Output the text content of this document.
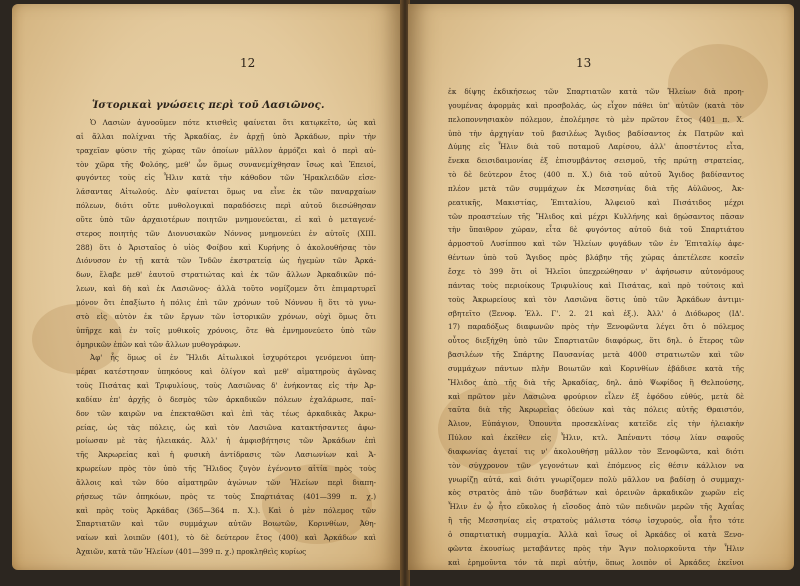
12
Ἱστορικαὶ γνώσεις περὶ τοῦ Λασιῶνος.
Ὁ Λασιὼν ἀγνοοῦμεν πότε κτισθεὶς φαίνεται ὅτι κατῳκεῖτο, ὡς καὶ
αἱ ἄλλαι πολίχναι τῆς Ἀρκαδίας, ἐν ἀρχῇ ὑπὸ Ἀρκάδων, πρὶν τὴν
τραχεῖαν φύσιν τῆς χώρας τῶν ὁποίων μᾶλλον ἁρμόζει καὶ ὁ περὶ αὐ-
τὸν χῶρα τῆς Φολόης, μεθ' ὧν ὅμως συνανεμίχθησαν ἴσως καὶ Ἐπειοί,
φυγόντες τοὺς εἰς Ἦλιν κατὰ τὴν κάθοδον τῶν Ἡρακλειδῶν εἰσε-
λάσαντας Αἰτωλούς. Δὲν φαίνεται ὅμως να εἶνε ἐκ τῶν παναρχαίων
πόλεων, διότι οὔτε μυθολογικαὶ παραδόσεις περὶ αὐτοῦ διεσώθησαν
οὔτε ὑπὸ τῶν ἀρχαιοτέρων ποιητῶν μνημονεύεται, εἰ καὶ ὁ μεταγενέ-
στερος ποιητὴς τῶν Διονυσιακῶν Νόννος μνημονεύει ἐν αὐτοῖς (ΧΙΙΙ.
288) ὅτι ὁ Ἀρισταῖος ὁ υἱὸς Φοίβου καὶ Κυρήνης ὁ ἀκολουθήσας τὸν
Διόνυσον ἐν τῇ κατὰ τῶν Ἰνδῶν ἐκστρατείᾳ ὡς ἡγεμὼν τῶν Ἀρκά-
δων, ἔλαβε μεθ' ἑαυτοῦ στρατιώτας καὶ ἐκ τῶν ἄλλων Ἀρκαδικῶν πό-
λεων, καὶ δὴ καὶ ἐκ Λασιῶνος· ἀλλὰ τοῦτο νομίζομεν ὅτι ἐπιμαρτυρεῖ
μόνον ὅτι ἐπαξίωτο ἡ πόλις ἐπὶ τῶν χρόνων τοῦ Νόννου ἢ ὅτι τὸ γνω-
στὸ εἰς αὐτὸν ἐκ τῶν ἔργων τῶν ἱστορικῶν χρόνων, οὐχὶ ὅμως ὅτι
ὑπῆρχε καὶ ἐν τοῖς μυθικοῖς χρόνοις, ὅτε θὰ ἐμνημονεύετο ὑπὸ τῶν
ὁμηρικῶν ἐπῶν καὶ τῶν ἄλλων μυθογράφων.
Ἀφ' ἧς ὅμως οἱ ἐν Ἤλιδι Αἰτωλικοὶ ἰσχυρότεροι γενόμενοι ὑπη-
μέραι κατέστησαν ὑπηκόους καὶ ὀλίγον καὶ μεθ' αἱματηροὺς ἀγῶνας
τοὺς Πισάτας καὶ Τριφυλίους, τοὺς Λασιῶνας δ' ἐνήκοντας εἰς τὴν Ἀρ-
καδίαν ἐπ' ἀρχῆς ὁ δεσμὸς τῶν ἀρκαδικῶν πόλεων ἐχαλάρωσε, παῖ-
δον τῶν καιρῶν να ἐπεκταθῶσι καὶ ἐπὶ τὰς τέως ἀρκαδικὰς Ἀκρω-
ρείας, ὡς τὰς πόλεις, ὡς καὶ τὸν Λασιῶνα κατακτήσαντες ἀφω-
μοίωσαν μὲ τὰς ἠλειακάς. Ἀλλ' ἡ ἀμφισβήτησις τῶν Ἀρκάδων ἐπὶ
τῆς Ἀκρωρείας καὶ ἡ φυσικὴ ἀντίδρασις τῶν Λασιωνίων καὶ Ἀ-
κρωρείων πρὸς τὸν ὑπὸ τῆς Ἤλιδος ζυγὸν ἐγένοντο αἰτία πρὸς τοὺς
ἄλλοις καὶ τῶν δύο αἱματηρῶν ἀγώνων τῶν Ἠλείων περὶ διαπη-
ρήσεως τῶν ὁπηκόων, πρὸς τε τοὺς Σπαρτιάτας (401—399 π. χ.)
καὶ πρὸς τοὺς Ἀρκάδας (365—364 π. Χ.). Καὶ ὁ μὲν πόλεμος τῶν
Σπαρτιατῶν καὶ τῶν συμμάχων αὐτῶν Βοιωτῶν, Κορινθίων, Ἀθη-
ναίων καὶ λοιπῶν (401), τὸ δὲ δεύτερον ἔτος (400) καὶ Ἀρκάδων καὶ
Ἀχαιῶν, κατὰ τῶν Ἠλείων (401—399 π. χ.) προκληθεὶς κυρίως
13
ἐκ δίψης ἐκδικήσεως τῶν Σπαρτιατῶν κατὰ τῶν Ἠλείων διὰ προη-
γουμένας ἀφορμὰς καὶ προσβολάς, ὡς εἶχον πάθει ὑπ' αὐτῶν (κατὰ τὸν
πελοποννησιακὸν πόλεμον, ἐπολέμησε τὸ μὲν πρῶτον ἔτος (401 π. Χ.
ὑπὸ τὴν ἀρχηγίαν τοῦ βασιλέως Ἄγιδος βαδίσαντος ἐκ Πατρῶν καὶ
Δύμης εἰς Ἦλιν διὰ τοῦ ποταμοῦ Λαρίσου, ἀλλ' ἀποστέντος εἶτα,
ἕνεκα δεισιδαιμονίας ἐξ ἐπισυμβάντος σεισμοῦ, τῆς πρώτῃ στρατείας,
τὸ δὲ δεύτερον ἔτος (400 π. Χ.) διὰ τοῦ αὐτοῦ Ἄγιδος βαδίσαντος
πλέον μετὰ τῶν συμμάχων ἐκ Μεσσηνίας διὰ τῆς Αὐλῶνος, Ἀκ-
ρεατικῆς, Μακιστίας, Ἐπιταλίου, Ἀλφειοῦ καὶ Πισάτιδος μέχρι
τῶν προαστείων τῆς Ἤλιδος καὶ μέχρι Κυλλήνης καὶ δῃώσαντος πᾶσαν
τὴν ὕπαιθρον χώραν, εἶτα δὲ φυγόντος αὐτοῦ διὰ τοῦ Σπαρτιάτου
ἁρμοστοῦ Λυσίππου καὶ τῶν Ἠλείων φυγάδων τῶν ἐν Ἐπιταλίῳ ἀφε-
θέντων ὑπὸ τοῦ Ἄγιδος πρὸς βλάβην τῆς χώρας ἀπετέλεσε κοσεῖν
ἔσχε τὸ 399 ὅτι οἱ Ἠλεῖοι ὑπεχρεώθησαν ν' ἀφήσωσιν αὐτονόμους
πάντας τοὺς περιοίκους Τριφυλίους καὶ Πισάτας, καὶ πρὸ τούτοις καὶ
τοὺς Ἀκρωρείους καὶ τὸν Λασιῶνα ὅστις ὑπὸ τῶν Ἀρκάδων ἀντιμι-
σβητεῖτο (Ξενοφ. Ἑλλ. Γ'. 2. 21 καὶ ἑξ.). Ἀλλ' ὁ Διόδωρος (ΙΔ'.
17) παραδόξως διαφωνῶν πρὸς τὴν Ξενοφῶντα λέγει ὅτι ὁ πόλεμος
οὗτος διεξήχθη ὑπὸ τῶν Σπαρτιατῶν διαφόρως, ὅτι δηλ. ὁ ἕτερος τῶν
βασιλέων τῆς Σπάρτης Παυσανίας μετὰ 4000 στρατιωτῶν καὶ τῶν
συμμάχων πάντων πλὴν Βοιωτῶν καὶ Κορινθίων ἐβάδισε κατὰ τῆς
Ἤλιδος ἀπὸ τῆς διὰ τῆς Ἀρκαδίας, δηλ. ἀπὸ Ψωφίδος ἢ Θελπούσης,
καὶ πρῶτον μὲν Λασιῶνα φρούριον εἶλεν ἐξ ἐφόδου εὐθύς, μετὰ δὲ
ταῦτα διὰ τῆς Ἀκρωρείας ὁδεύων καὶ τὰς πόλεις αὐτῆς Θραιστόν,
Ἀλιον, Εὐπάγιον, Ὀπουντα προσεκλίνας κατεῖδε εἰς τὴν ἠλειακὴν
Πύλον καὶ ἐκεῖθεν εἰς Ἦλιν, κτλ. Ἀπέναντι τόσῳ λίαν σαφοῦς
διαφωνίας ἀγεταί τις ν' ἀκολουθήσῃ μᾶλλον τὸν Ξενοφῶντα, καὶ διότι
τὸν σύγχρονον τῶν γεγονότων καὶ ἐπόμενος εἰς θέσιν κάλλιον να
γνωρίζῃ αὐτά, καὶ διότι γνωρίζομεν πολὺ μᾶλλον να βαδίσῃ ὁ συμμαχι-
κὸς στρατὸς ἀπὸ τῶν δυσβάτων καὶ ὀρεινῶν ἀρκαδικῶν χωρῶν εἰς
Ἦλιν ἐν ᾧ ἦτο εὔκολος ἡ εἴσοδος ἀπὸ τῶν πεδινῶν μερῶν τῆς Ἀχαΐας
ἢ τῆς Μεσσηνίας εἰς στρατοὺς μάλιστα τόσῳ ἰσχυρούς, οἷα ἦτο τότε
ὁ σπαρτιατικὴ συμμαχία. Ἀλλὰ καὶ ἴσως οἱ Ἀρκάδες οἱ κατὰ Ξενο-
φῶντα ἑκουσίως μεταβάντες πρὸς τὴν Ἄγιν πολιορκοῦντα τὴν Ἦλιν
καὶ ἐρημοῦντα τόν τὰ περὶ αὐτήν, ὅπως λοιπὸν οἱ Ἀρκάδες ἐκεῖνοι
